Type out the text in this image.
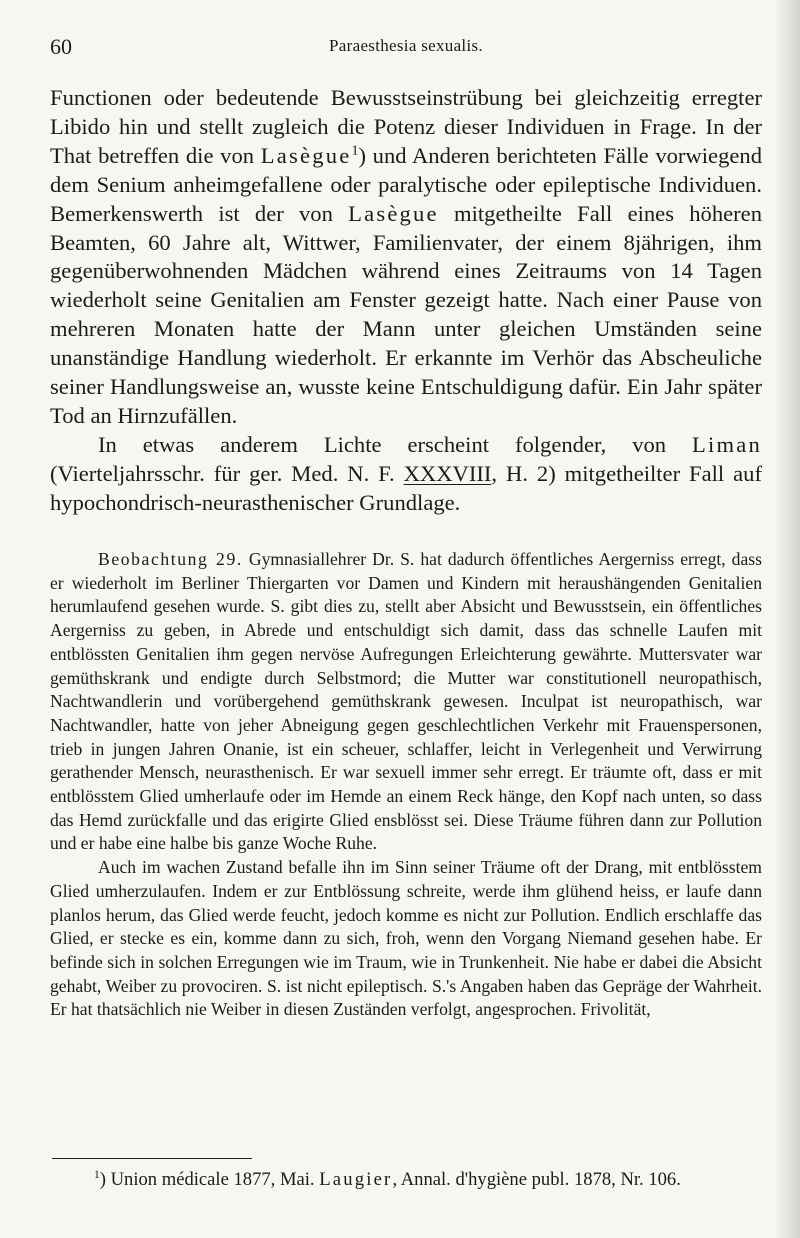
60	Paraesthesia sexualis.

Functionen oder bedeutende Bewusstseinstrübung bei gleichzeitig erregter Libido hin und stellt zugleich die Potenz dieser Individuen in Frage. In der That betreffen die von Lasègue$^1$) und Anderen berichteten Fälle vorwiegend dem Senium anheimgefallene oder paralytische oder epileptische Individuen. Bemerkenswerth ist der von Lasègue mitgetheilte Fall eines höheren Beamten, 60 Jahre alt, Wittwer, Familienvater, der einem 8jährigen, ihm gegenüberwohnenden Mädchen während eines Zeitraums von 14 Tagen wiederholt seine Genitalien am Fenster gezeigt hatte. Nach einer Pause von mehreren Monaten hatte der Mann unter gleichen Umständen seine unanständige Handlung wiederholt. Er erkannte im Verhör das Abscheuliche seiner Handlungsweise an, wusste keine Entschuldigung dafür. Ein Jahr später Tod an Hirnzufällen.

In etwas anderem Lichte erscheint folgender, von Liman (Vierteljahrsschr. für ger. Med. N. F. XXXVIII, H. 2) mitgetheilter Fall auf hypochondrisch-neurasthenischer Grundlage.

Beobachtung 29. Gymnasiallehrer Dr. S. hat dadurch öffentliches Aergerniss erregt, dass er wiederholt im Berliner Thiergarten vor Damen und Kindern mit heraushängenden Genitalien herumlaufend gesehen wurde. S. gibt dies zu, stellt aber Absicht und Bewusstsein, ein öffentliches Aergerniss zu geben, in Abrede und entschuldigt sich damit, dass das schnelle Laufen mit entblössten Genitalien ihm gegen nervöse Aufregungen Erleichterung gewährte. Muttersvater war gemüthskrank und endigte durch Selbstmord; die Mutter war constitutionell neuropathisch, Nachtwandlerin und vorübergehend gemüthskrank gewesen. Inculpat ist neuropathisch, war Nachtwandler, hatte von jeher Abneigung gegen geschlechtlichen Verkehr mit Frauenspersonen, trieb in jungen Jahren Onanie, ist ein scheuer, schlaffer, leicht in Verlegenheit und Verwirrung gerathender Mensch, neurasthenisch. Er war sexuell immer sehr erregt. Er träumte oft, dass er mit entblösstem Glied umherlaufe oder im Hemde an einem Reck hänge, den Kopf nach unten, so dass das Hemd zurückfalle und das erigirte Glied ensblösst sei. Diese Träume führen dann zur Pollution und er habe eine halbe bis ganze Woche Ruhe.

Auch im wachen Zustand befalle ihn im Sinn seiner Träume oft der Drang, mit entblösstem Glied umherzulaufen. Indem er zur Entblössung schreite, werde ihm glühend heiss, er laufe dann planlos herum, das Glied werde feucht, jedoch komme es nicht zur Pollution. Endlich erschlaffe das Glied, er stecke es ein, komme dann zu sich, froh, wenn den Vorgang Niemand gesehen habe. Er befinde sich in solchen Erregungen wie im Traum, wie in Trunkenheit. Nie habe er dabei die Absicht gehabt, Weiber zu provociren. S. ist nicht epileptisch. S.'s Angaben haben das Gepräge der Wahrheit. Er hat thatsächlich nie Weiber in diesen Zuständen verfolgt, angesprochen. Frivolität,

$^1$) Union médicale 1877, Mai. Laugier, Annal. d'hygiène publ. 1878, Nr. 106.
